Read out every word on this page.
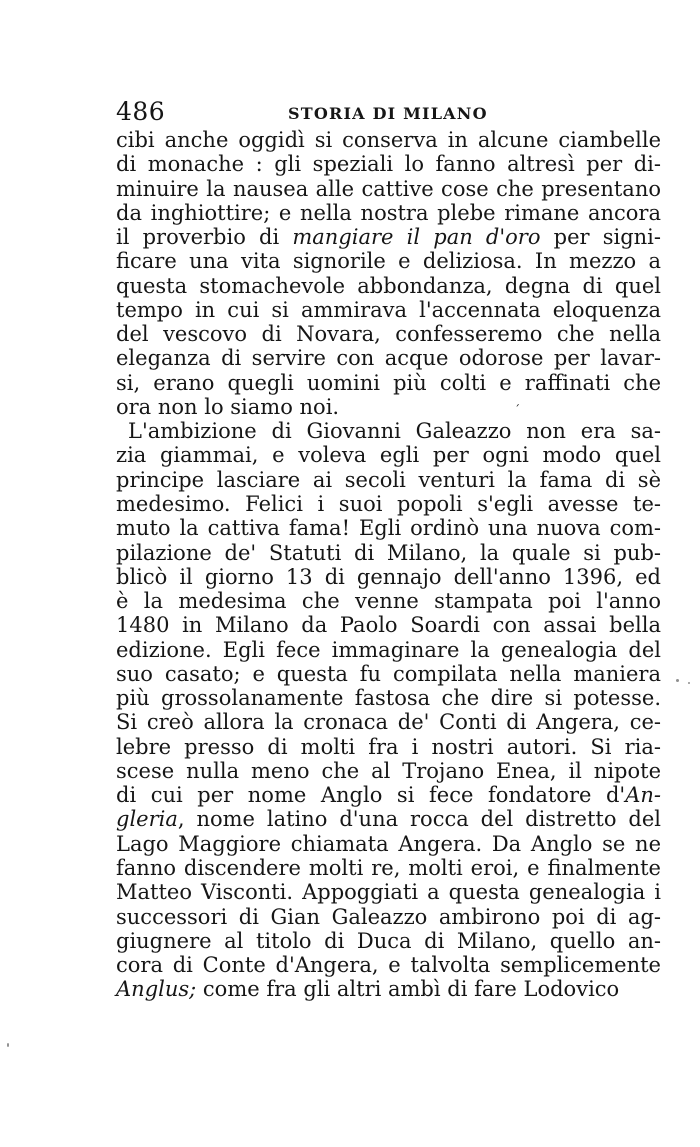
486	STORIA DI MILANO
cibi anche oggidì si conserva in alcune ciambelle
di monache : gli speziali lo fanno altresì per di-
minuire la nausea alle cattive cose che presentano
da inghiottire; e nella nostra plebe rimane ancora
il proverbio di mangiare il pan d'oro per signi-
ficare una vita signorile e deliziosa. In mezzo a
questa stomachevole abbondanza, degna di quel
tempo in cui si ammirava l'accennata eloquenza
del vescovo di Novara, confesseremo che nella
eleganza di servire con acque odorose per lavar-
si, erano quegli uomini più colti e raffinati che
ora non lo siamo noi.	ˊ
L'ambizione di Giovanni Galeazzo non era sa-
zia giammai, e voleva egli per ogni modo quel
principe lasciare ai secoli venturi la fama di sè
medesimo. Felici i suoi popoli s'egli avesse te-
muto la cattiva fama! Egli ordinò una nuova com-
pilazione de' Statuti di Milano, la quale si pub-
blicò il giorno 13 di gennajo dell'anno 1396, ed
è la medesima che venne stampata poi l'anno
1480 in Milano da Paolo Soardi con assai bella
edizione. Egli fece immaginare la genealogia del
suo casato; e questa fu compilata nella maniera
più grossolanamente fastosa che dire si potesse.
Si creò allora la cronaca de' Conti di Angera, ce-
lebre presso di molti fra i nostri autori. Si ria-
scese nulla meno che al Trojano Enea, il nipote
di cui per nome Anglo si fece fondatore d'An-
gleria, nome latino d'una rocca del distretto del
Lago Maggiore chiamata Angera. Da Anglo se ne
fanno discendere molti re, molti eroi, e finalmente
Matteo Visconti. Appoggiati a questa genealogia i
successori di Gian Galeazzo ambirono poi di ag-
giugnere al titolo di Duca di Milano, quello an-
cora di Conte d'Angera, e talvolta semplicemente
Anglus; come fra gli altri ambì di fare Lodovico
